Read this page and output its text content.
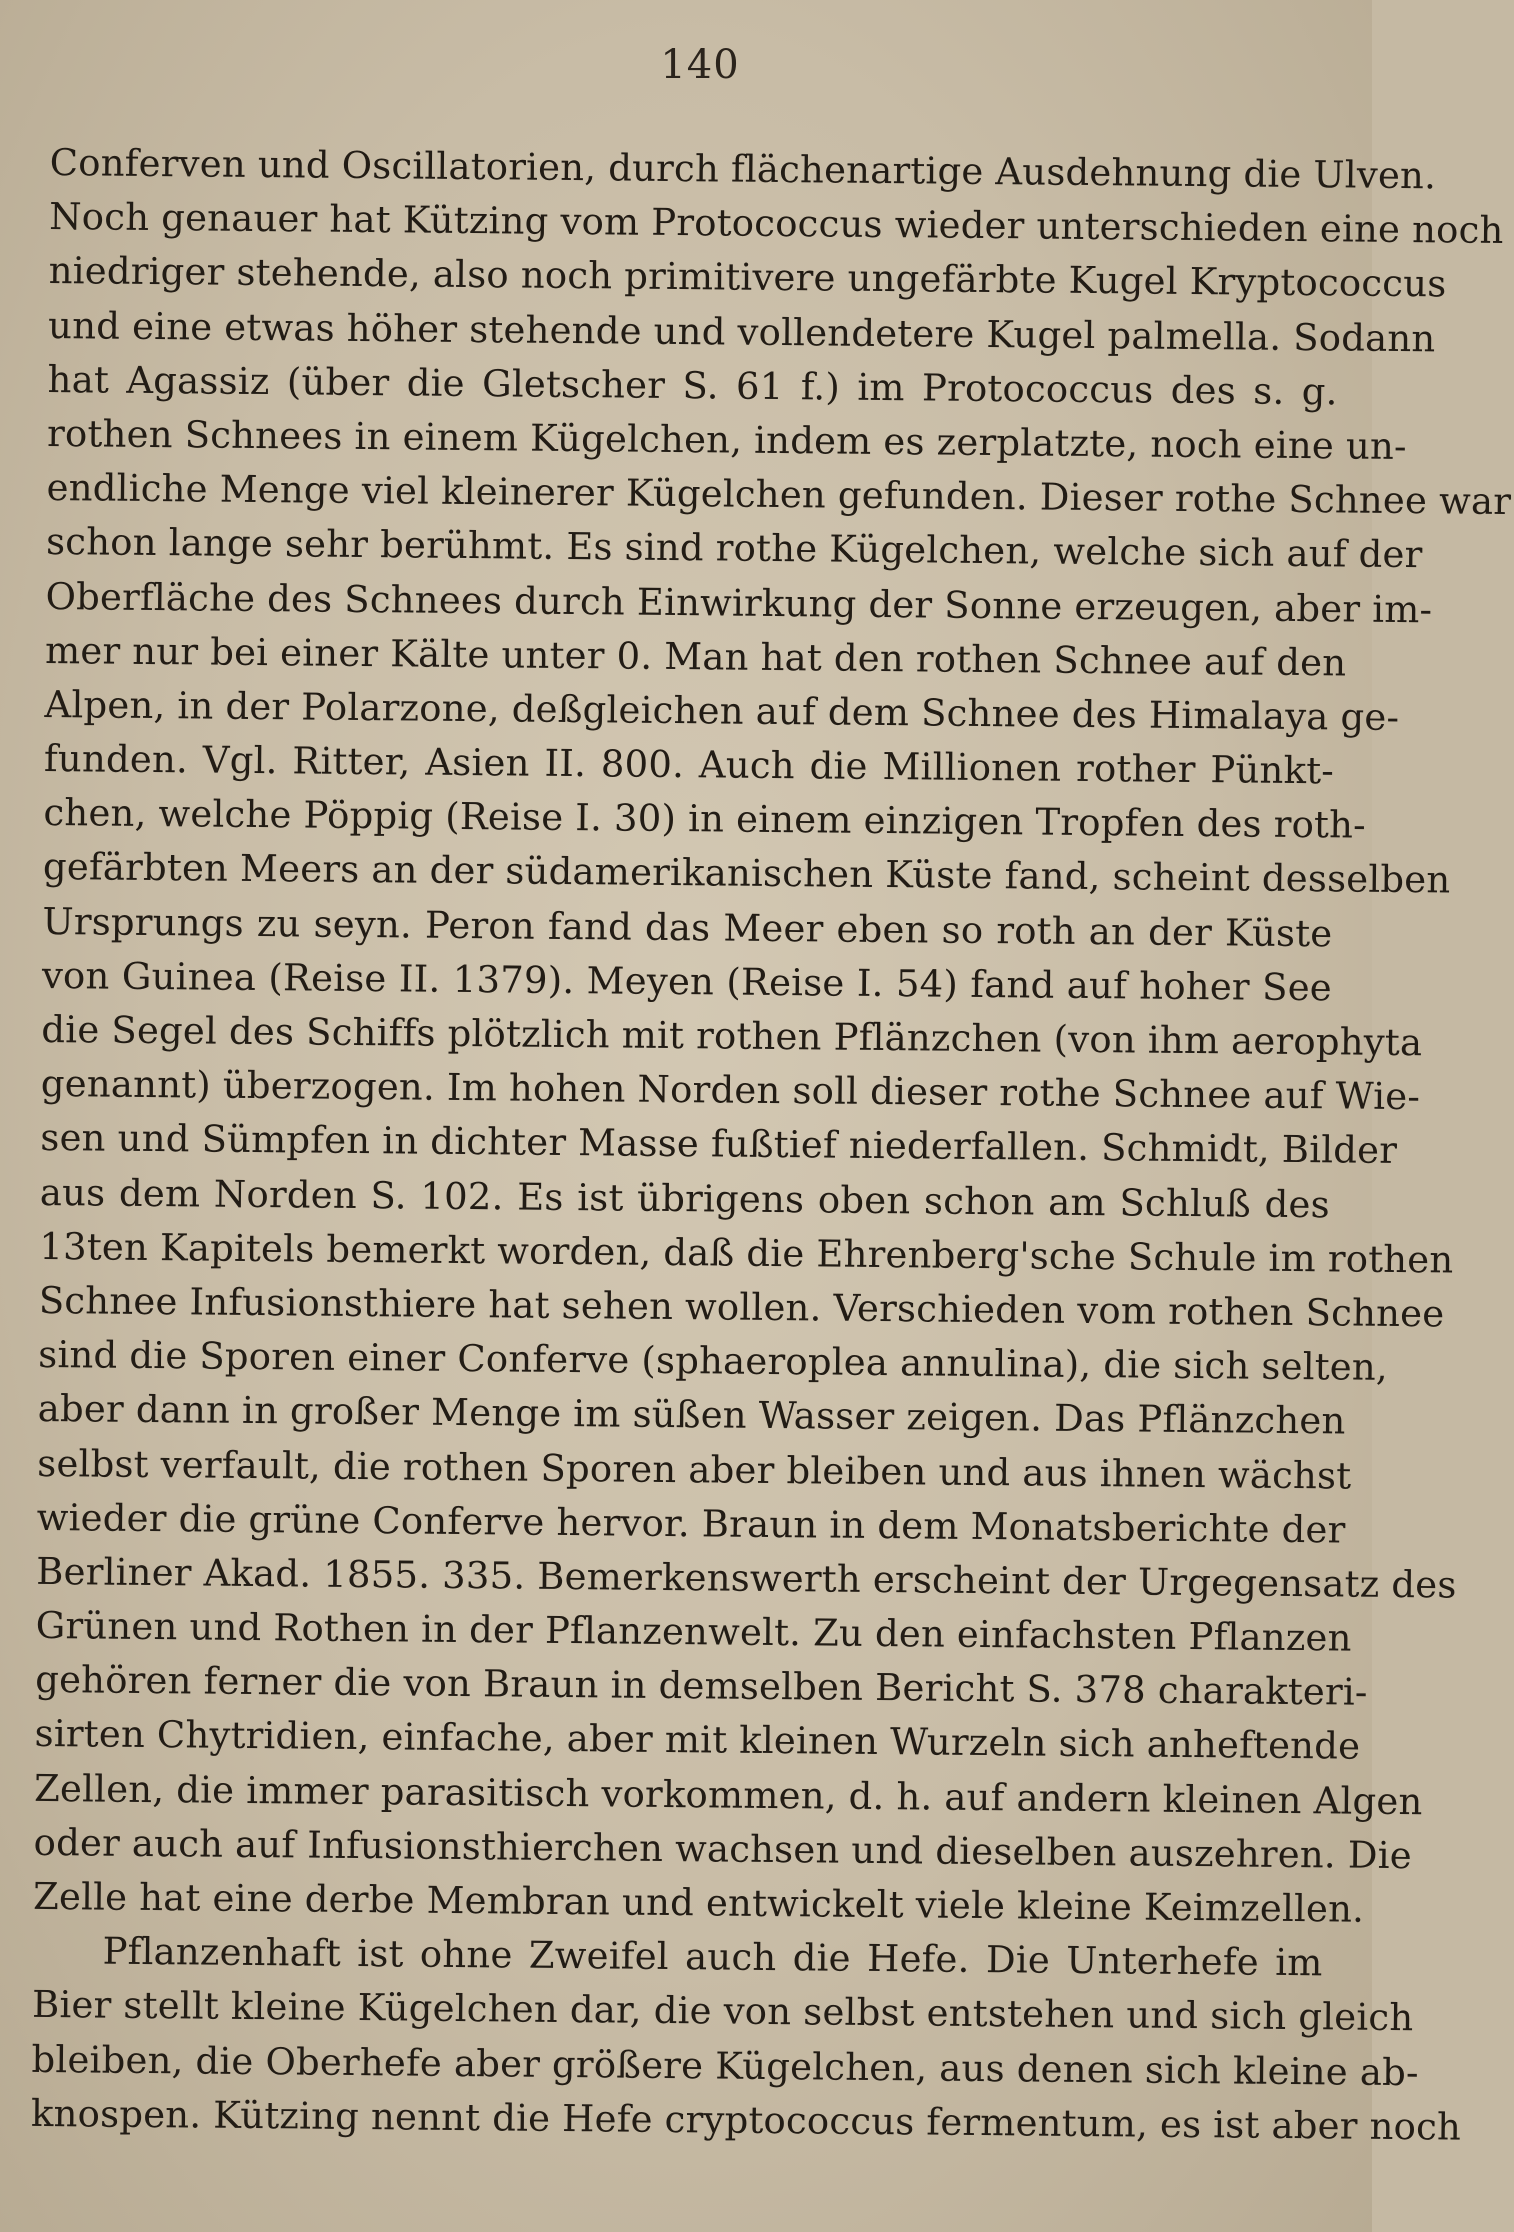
140
Conferven und Oscillatorien, durch flächenartige Ausdehnung die Ulven.
Noch genauer hat Kützing vom Protococcus wieder unterschieden eine noch
niedriger stehende, also noch primitivere ungefärbte Kugel Kryptococcus
und eine etwas höher stehende und vollendetere Kugel palmella. Sodann
hat Agassiz (über die Gletscher S. 61 f.) im Protococcus des s. g.
rothen Schnees in einem Kügelchen, indem es zerplatzte, noch eine un-
endliche Menge viel kleinerer Kügelchen gefunden. Dieser rothe Schnee war
schon lange sehr berühmt. Es sind rothe Kügelchen, welche sich auf der
Oberfläche des Schnees durch Einwirkung der Sonne erzeugen, aber im-
mer nur bei einer Kälte unter 0. Man hat den rothen Schnee auf den
Alpen, in der Polarzone, deßgleichen auf dem Schnee des Himalaya ge-
funden. Vgl. Ritter, Asien II. 800. Auch die Millionen rother Pünkt-
chen, welche Pöppig (Reise I. 30) in einem einzigen Tropfen des roth-
gefärbten Meers an der südamerikanischen Küste fand, scheint desselben
Ursprungs zu seyn. Peron fand das Meer eben so roth an der Küste
von Guinea (Reise II. 1379). Meyen (Reise I. 54) fand auf hoher See
die Segel des Schiffs plötzlich mit rothen Pflänzchen (von ihm aerophyta
genannt) überzogen. Im hohen Norden soll dieser rothe Schnee auf Wie-
sen und Sümpfen in dichter Masse fußtief niederfallen. Schmidt, Bilder
aus dem Norden S. 102. Es ist übrigens oben schon am Schluß des
13ten Kapitels bemerkt worden, daß die Ehrenberg'sche Schule im rothen
Schnee Infusionsthiere hat sehen wollen. Verschieden vom rothen Schnee
sind die Sporen einer Conferve (sphaeroplea annulina), die sich selten,
aber dann in großer Menge im süßen Wasser zeigen. Das Pflänzchen
selbst verfault, die rothen Sporen aber bleiben und aus ihnen wächst
wieder die grüne Conferve hervor. Braun in dem Monatsberichte der
Berliner Akad. 1855. 335. Bemerkenswerth erscheint der Urgegensatz des
Grünen und Rothen in der Pflanzenwelt. Zu den einfachsten Pflanzen
gehören ferner die von Braun in demselben Bericht S. 378 charakteri-
sirten Chytridien, einfache, aber mit kleinen Wurzeln sich anheftende
Zellen, die immer parasitisch vorkommen, d. h. auf andern kleinen Algen
oder auch auf Infusionsthierchen wachsen und dieselben auszehren. Die
Zelle hat eine derbe Membran und entwickelt viele kleine Keimzellen.
Pflanzenhaft ist ohne Zweifel auch die Hefe. Die Unterhefe im
Bier stellt kleine Kügelchen dar, die von selbst entstehen und sich gleich
bleiben, die Oberhefe aber größere Kügelchen, aus denen sich kleine ab-
knospen. Kützing nennt die Hefe cryptococcus fermentum, es ist aber noch
